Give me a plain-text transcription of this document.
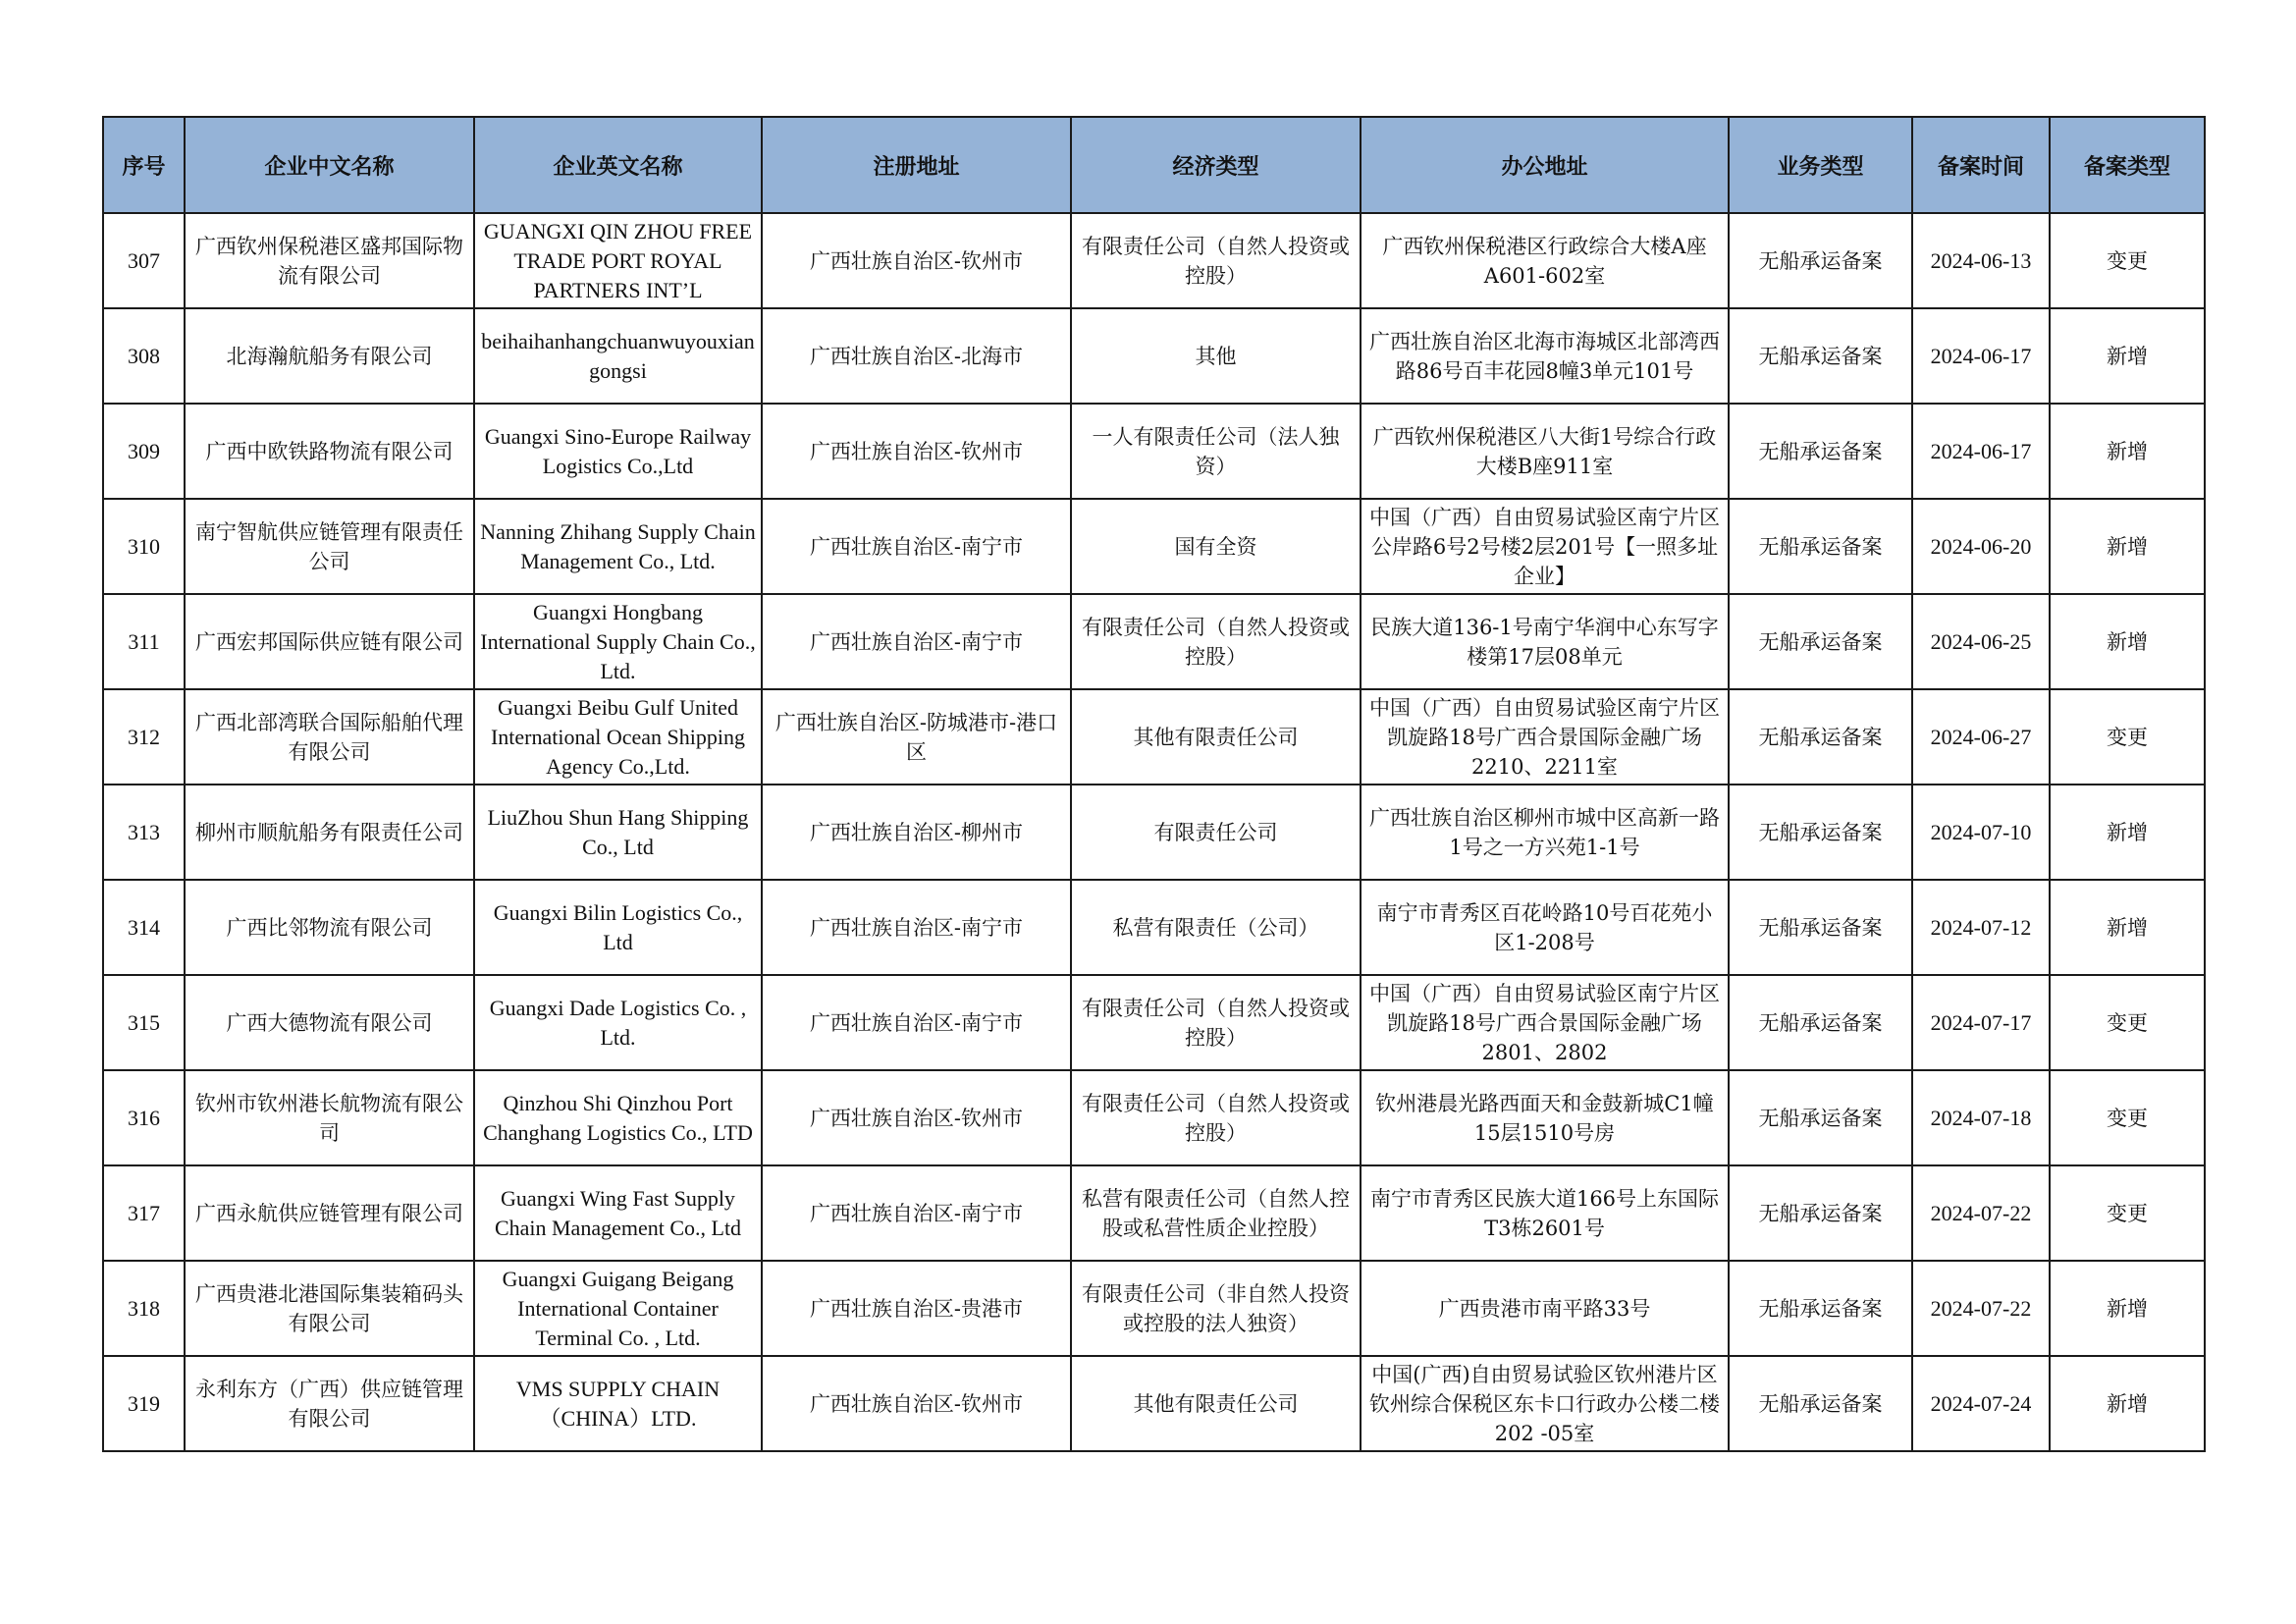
序号	企业中文名称	企业英文名称	注册地址	经济类型	办公地址	业务类型	备案时间	备案类型
307	广西钦州保税港区盛邦国际物流有限公司	GUANGXI QIN ZHOU FREE TRADE PORT ROYAL PARTNERS INT’L	广西壮族自治区-钦州市	有限责任公司（自然人投资或控股）	广西钦州保税港区行政综合大楼A座A601-602室	无船承运备案	2024-06-13	变更
308	北海瀚航船务有限公司	beihaihanhangchuanwuyouxiangongsi	广西壮族自治区-北海市	其他	广西壮族自治区北海市海城区北部湾西路86号百丰花园8幢3单元101号	无船承运备案	2024-06-17	新增
309	广西中欧铁路物流有限公司	Guangxi Sino-Europe Railway Logistics Co.,Ltd	广西壮族自治区-钦州市	一人有限责任公司（法人独资）	广西钦州保税港区八大街1号综合行政大楼B座911室	无船承运备案	2024-06-17	新增
310	南宁智航供应链管理有限责任公司	Nanning Zhihang Supply Chain Management Co., Ltd.	广西壮族自治区-南宁市	国有全资	中国（广西）自由贸易试验区南宁片区公岸路6号2号楼2层201号【一照多址企业】	无船承运备案	2024-06-20	新增
311	广西宏邦国际供应链有限公司	Guangxi Hongbang International Supply Chain Co., Ltd.	广西壮族自治区-南宁市	有限责任公司（自然人投资或控股）	民族大道136-1号南宁华润中心东写字楼第17层08单元	无船承运备案	2024-06-25	新增
312	广西北部湾联合国际船舶代理有限公司	Guangxi Beibu Gulf United International Ocean Shipping Agency Co.,Ltd.	广西壮族自治区-防城港市-港口区	其他有限责任公司	中国（广西）自由贸易试验区南宁片区凯旋路18号广西合景国际金融广场2210、2211室	无船承运备案	2024-06-27	变更
313	柳州市顺航船务有限责任公司	LiuZhou Shun Hang Shipping Co., Ltd	广西壮族自治区-柳州市	有限责任公司	广西壮族自治区柳州市城中区高新一路1号之一方兴苑1-1号	无船承运备案	2024-07-10	新增
314	广西比邻物流有限公司	Guangxi Bilin Logistics Co., Ltd	广西壮族自治区-南宁市	私营有限责任（公司）	南宁市青秀区百花岭路10号百花苑小区1-208号	无船承运备案	2024-07-12	新增
315	广西大德物流有限公司	Guangxi Dade Logistics Co. , Ltd.	广西壮族自治区-南宁市	有限责任公司（自然人投资或控股）	中国（广西）自由贸易试验区南宁片区凯旋路18号广西合景国际金融广场2801、2802	无船承运备案	2024-07-17	变更
316	钦州市钦州港长航物流有限公司	Qinzhou Shi Qinzhou Port Changhang Logistics Co., LTD	广西壮族自治区-钦州市	有限责任公司（自然人投资或控股）	钦州港晨光路西面天和金鼓新城C1幢15层1510号房	无船承运备案	2024-07-18	变更
317	广西永航供应链管理有限公司	Guangxi Wing Fast Supply Chain Management Co., Ltd	广西壮族自治区-南宁市	私营有限责任公司（自然人控股或私营性质企业控股）	南宁市青秀区民族大道166号上东国际T3栋2601号	无船承运备案	2024-07-22	变更
318	广西贵港北港国际集装箱码头有限公司	Guangxi Guigang Beigang International Container Terminal Co. , Ltd.	广西壮族自治区-贵港市	有限责任公司（非自然人投资或控股的法人独资）	广西贵港市南平路33号	无船承运备案	2024-07-22	新增
319	永利东方（广西）供应链管理有限公司	VMS SUPPLY CHAIN （CHINA）LTD.	广西壮族自治区-钦州市	其他有限责任公司	中国(广西)自由贸易试验区钦州港片区钦州综合保税区东卡口行政办公楼二楼202 -05室	无船承运备案	2024-07-24	新增
